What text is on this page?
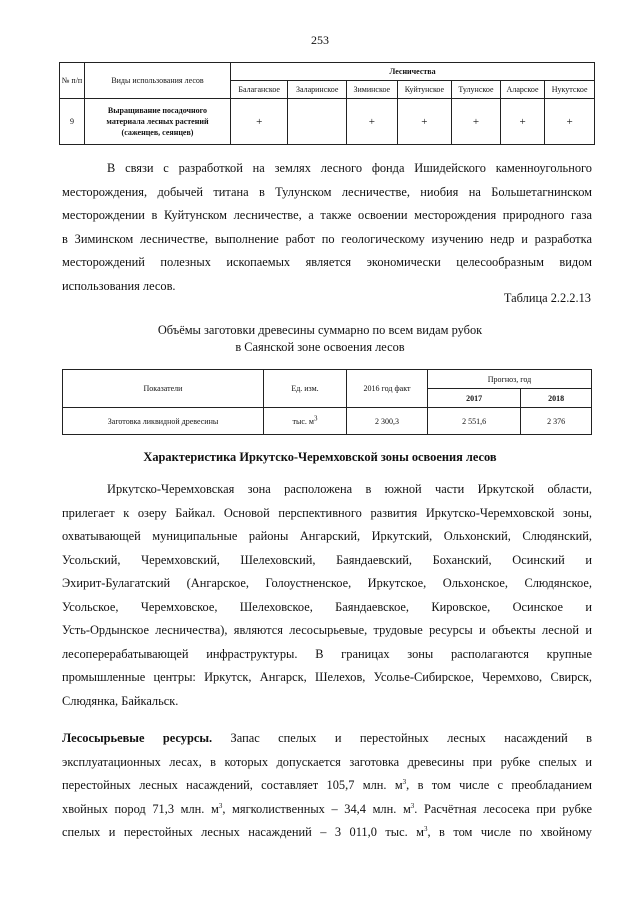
253
№ п/п	Виды использования лесов	Лесничества						
		Балаганское	Заларинское	Зиминское	Куйтунское	Тулунское	Аларское	Нукутское
9	Выращивание посадочного материала лесных растений (саженцев, сеянцев)	+		+	+	+	+	+
В связи с разработкой на землях лесного фонда Ишидейского каменноугольного
месторождения, добычей титана в Тулунском лесничестве, ниобия на Большетагнинском
месторождении в Куйтунском лесничестве, а также освоении месторождения природного газа
в Зиминском лесничестве, выполнение работ по геологическому изучению недр и разработка
месторождений полезных ископаемых является экономически целесообразным видом
использования лесов.
Таблица 2.2.2.13
Объёмы заготовки древесины суммарно по всем видам рубок
в Саянской зоне освоения лесов
Показатели	Ед. изм.	2016 год факт	Прогноз, год	
			2017	2018
Заготовка ликвидной древесины	тыс. $м^3$	2 300,3	2 551,6	2 376
Характеристика Иркутско-Черемховской зоны освоения лесов
Иркутско-Черемховская зона расположена в южной части Иркутской области,
прилегает к озеру Байкал. Основой перспективного развития Иркутско-Черемховской зоны,
охватывающей муниципальные районы Ангарский, Иркутский, Ольхонский, Слюдянский,
Усольский, Черемховский, Шелеховский, Баяндаевский, Боханский, Осинский и
Эхирит-Булагатский (Ангарское, Голоустненское, Иркутское, Ольхонское, Слюдянское,
Усольское, Черемховское, Шелеховское, Баяндаевское, Кировское, Осинское и
Усть-Ордынское лесничества), являются лесосырьевые, трудовые ресурсы и объекты лесной и
лесоперерабатывающей инфраструктуры. В границах зоны располагаются крупные
промышленные центры: Иркутск, Ангарск, Шелехов, Усолье-Сибирское, Черемхово, Свирск,
Слюдянка, Байкальск.
Лесосырьевые ресурсы. Запас спелых и перестойных лесных насаждений в
эксплуатационных лесах, в которых допускается заготовка древесины при рубке спелых и
перестойных лесных насаждений, составляет 105,7 млн. $м^3$, в том числе с преобладанием
хвойных пород 71,3 млн. $м^3$, мягколиственных – 34,4 млн. $м^3$. Расчётная лесосека при рубке
спелых и перестойных лесных насаждений – 3 011,0 тыс. $м^3$, в том числе по хвойному
